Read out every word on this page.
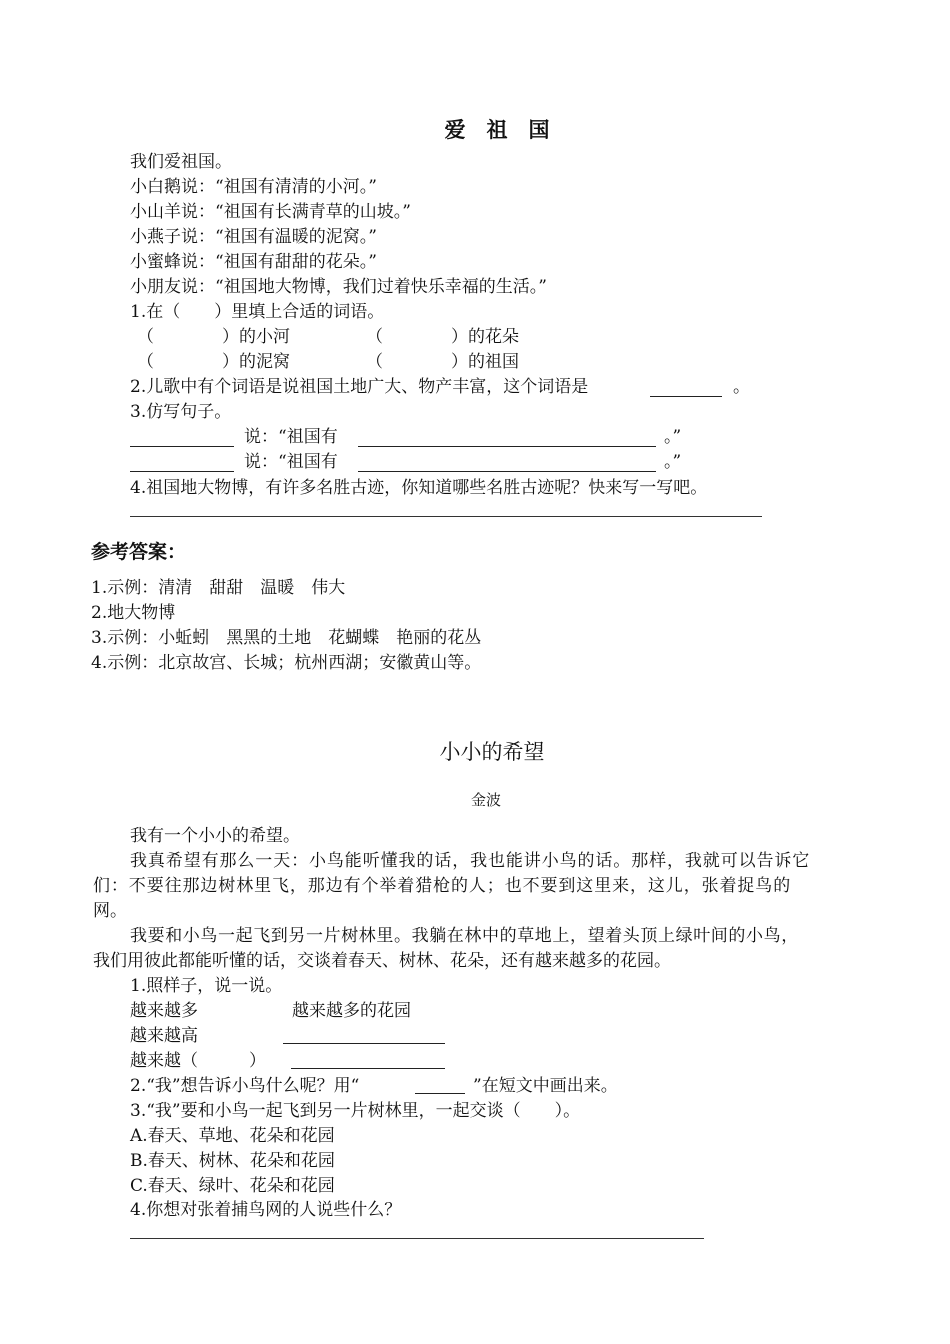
爱　祖　国
我们爱祖国。
小白鹅说：“祖国有清清的小河。”
小山羊说：“祖国有长满青草的山坡。”
小燕子说：“祖国有温暖的泥窝。”
小蜜蜂说：“祖国有甜甜的花朵。”
小朋友说：“祖国地大物博，我们过着快乐幸福的生活。”
1.在（　　）里填上合适的词语。
（　　　　）的小河	（　　　　）的花朵
（　　　　）的泥窝	（　　　　）的祖国
2.儿歌中有个词语是说祖国土地广大、物产丰富，这个词语是	。
3.仿写句子。
说：“祖国有	。”
说：“祖国有	。”
4.祖国地大物博，有许多名胜古迹，你知道哪些名胜古迹呢？快来写一写吧。
参考答案：
1.示例：清清　甜甜　温暖　伟大
2.地大物博
3.示例：小蚯蚓　黑黑的土地　花蝴蝶　艳丽的花丛
4.示例：北京故宫、长城；杭州西湖；安徽黄山等。
小小的希望
金波
我有一个小小的希望。
我真希望有那么一天：小鸟能听懂我的话，我也能讲小鸟的话。那样，我就可以告诉它
们：不要往那边树林里飞，那边有个举着猎枪的人；也不要到这里来，这儿，张着捉鸟的
网。
我要和小鸟一起飞到另一片树林里。我躺在林中的草地上，望着头顶上绿叶间的小鸟，
我们用彼此都能听懂的话，交谈着春天、树林、花朵，还有越来越多的花园。
1.照样子，说一说。
越来越多	越来越多的花园
越来越高
越来越（　　　）
2.“我”想告诉小鸟什么呢？用“	”在短文中画出来。
3.“我”要和小鸟一起飞到另一片树林里，一起交谈（　　）。
A.春天、草地、花朵和花园
B.春天、树林、花朵和花园
C.春天、绿叶、花朵和花园
4.你想对张着捕鸟网的人说些什么？
